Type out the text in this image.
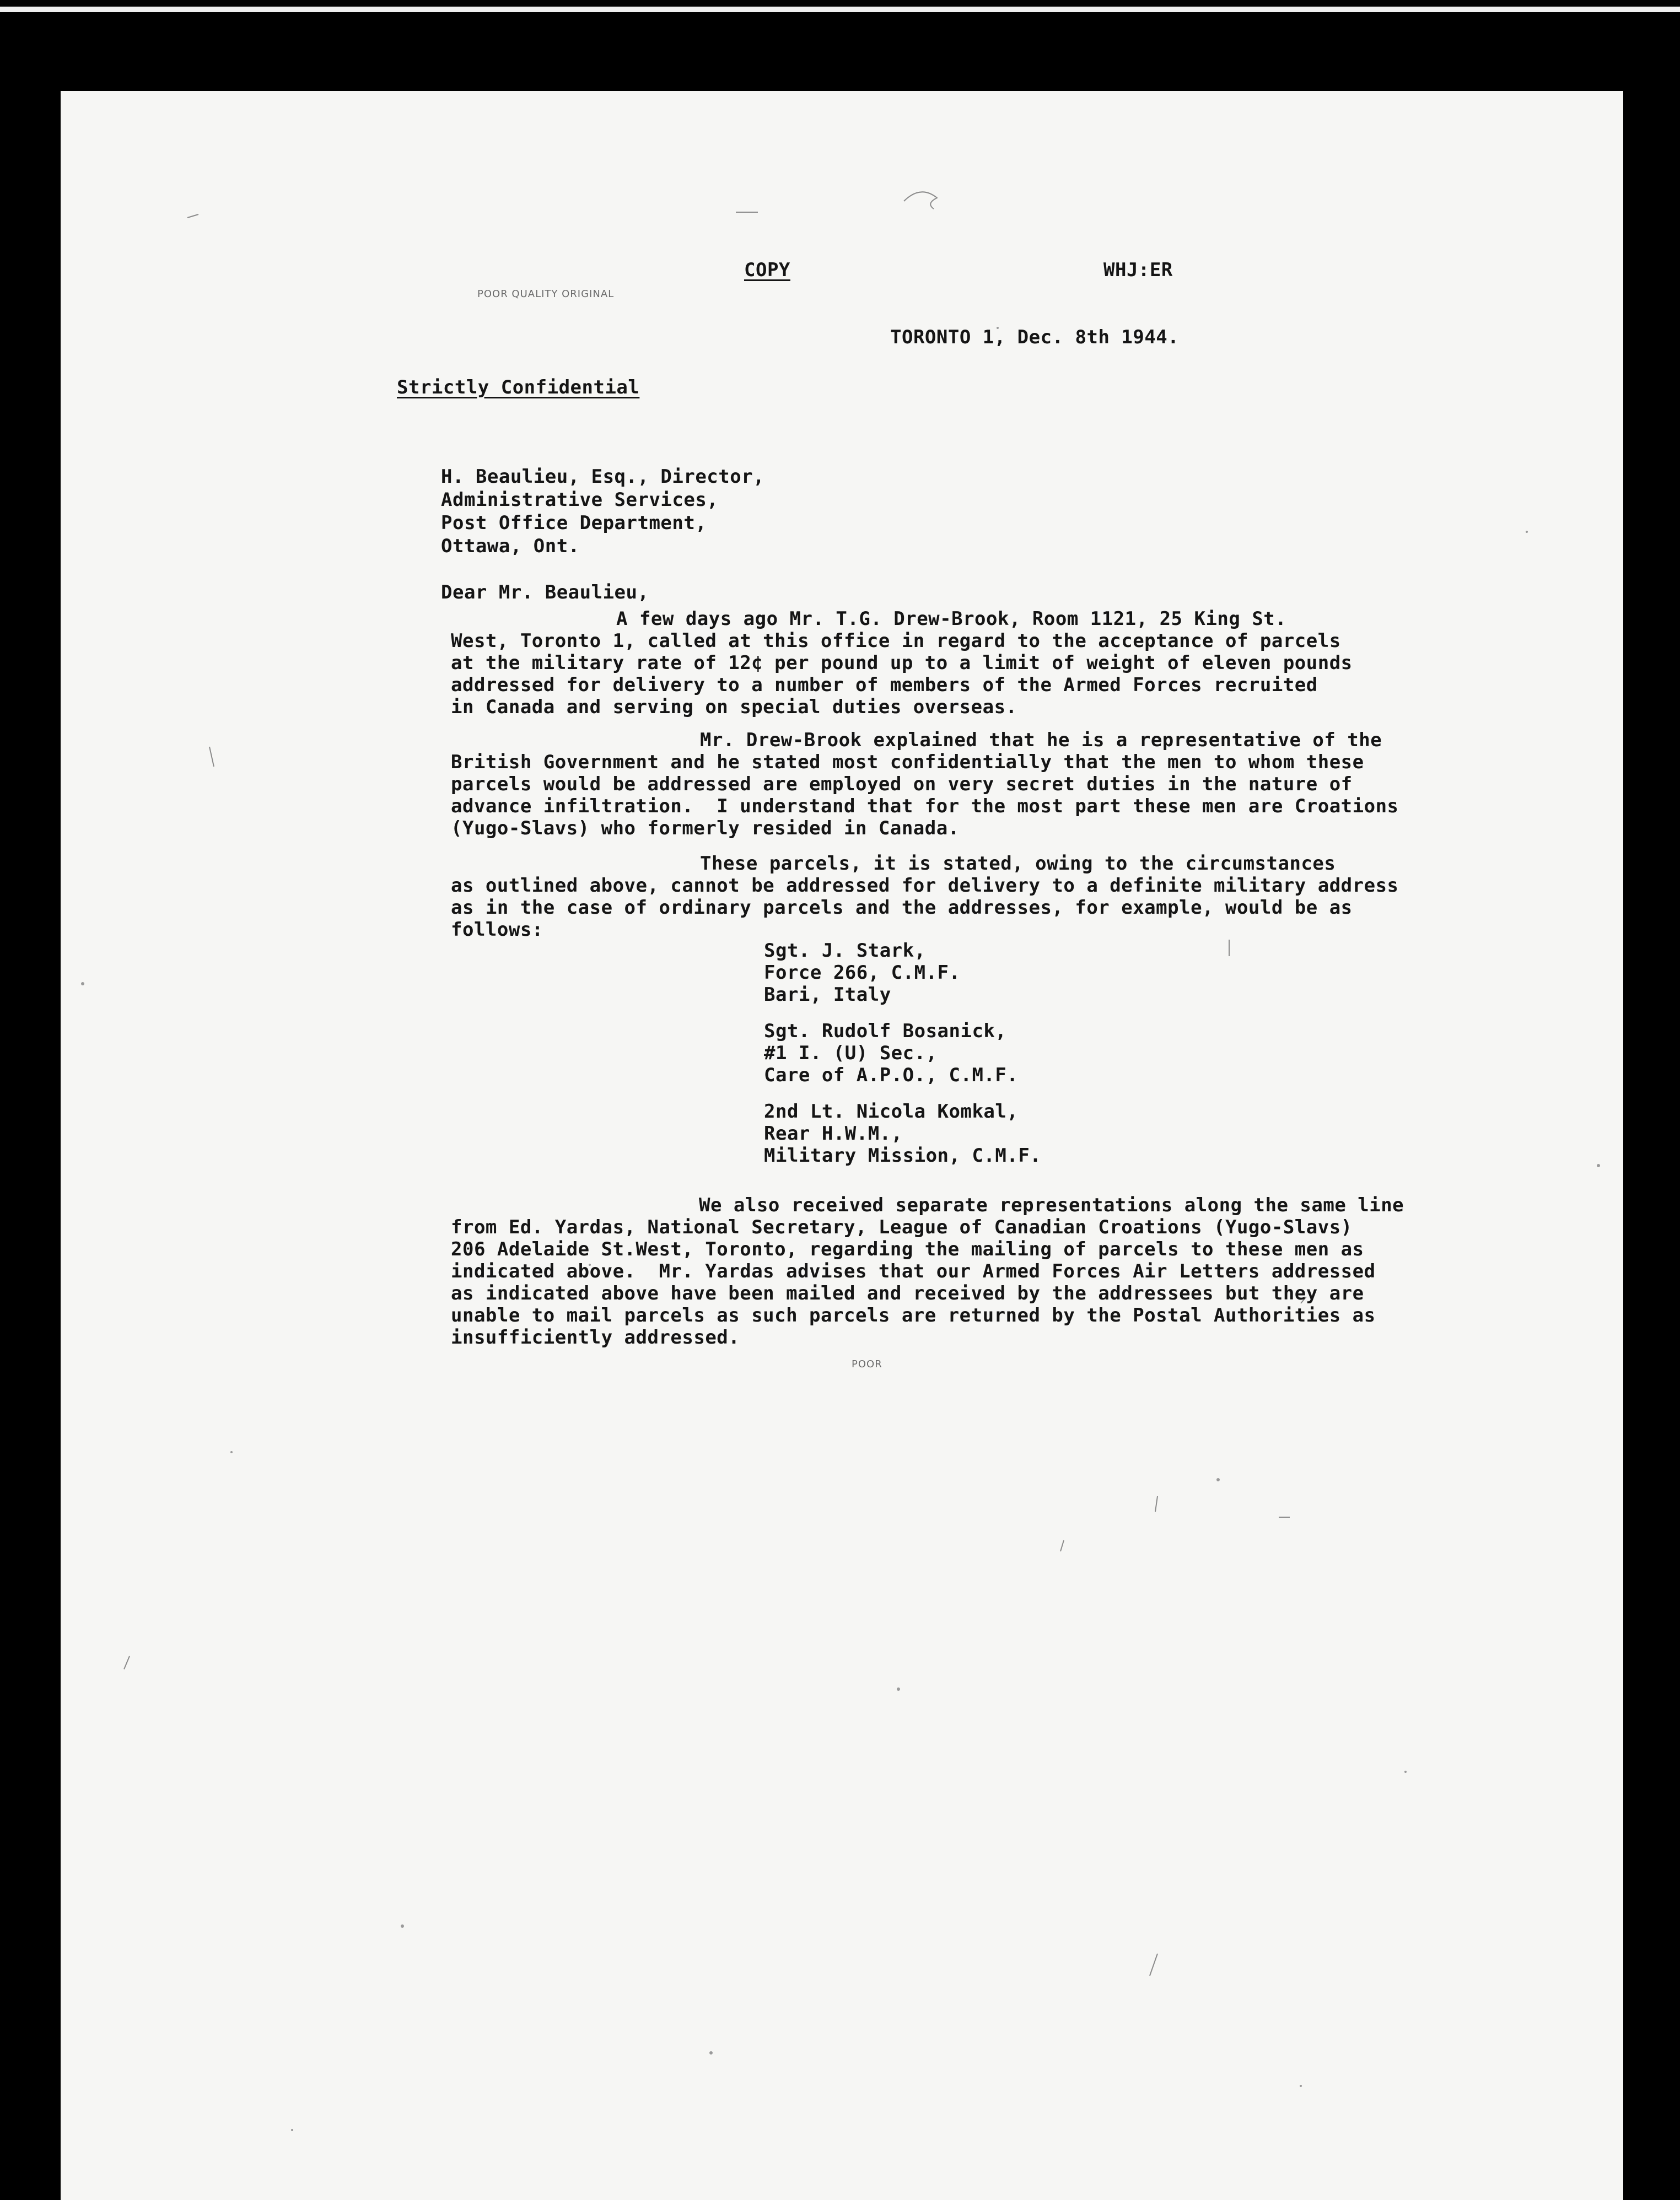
COPY	WHJ:ER
POOR QUALITY ORIGINAL
TORONTO 1, Dec. 8th 1944.
Strictly Confidential
H. Beaulieu, Esq., Director,
Administrative Services,
Post Office Department,
Ottawa, Ont.
Dear Mr. Beaulieu,
A few days ago Mr. T.G. Drew-Brook, Room 1121, 25 King St.
West, Toronto 1, called at this office in regard to the acceptance of parcels
at the military rate of 12¢ per pound up to a limit of weight of eleven pounds
addressed for delivery to a number of members of the Armed Forces recruited
in Canada and serving on special duties overseas.
Mr. Drew-Brook explained that he is a representative of the
British Government and he stated most confidentially that the men to whom these
parcels would be addressed are employed on very secret duties in the nature of
advance infiltration.  I understand that for the most part these men are Croations
(Yugo-Slavs) who formerly resided in Canada.
These parcels, it is stated, owing to the circumstances
as outlined above, cannot be addressed for delivery to a definite military address
as in the case of ordinary parcels and the addresses, for example, would be as
follows:
Sgt. J. Stark,
Force 266, C.M.F.
Bari, Italy
Sgt. Rudolf Bosanick,
#1 I. (U) Sec.,
Care of A.P.O., C.M.F.
2nd Lt. Nicola Komkal,
Rear H.W.M.,
Military Mission, C.M.F.
We also received separate representations along the same line
from Ed. Yardas, National Secretary, League of Canadian Croations (Yugo-Slavs)
206 Adelaide St.West, Toronto, regarding the mailing of parcels to these men as
indicated above.  Mr. Yardas advises that our Armed Forces Air Letters addressed
as indicated above have been mailed and received by the addressees but they are
unable to mail parcels as such parcels are returned by the Postal Authorities as
insufficiently addressed.
POOR
